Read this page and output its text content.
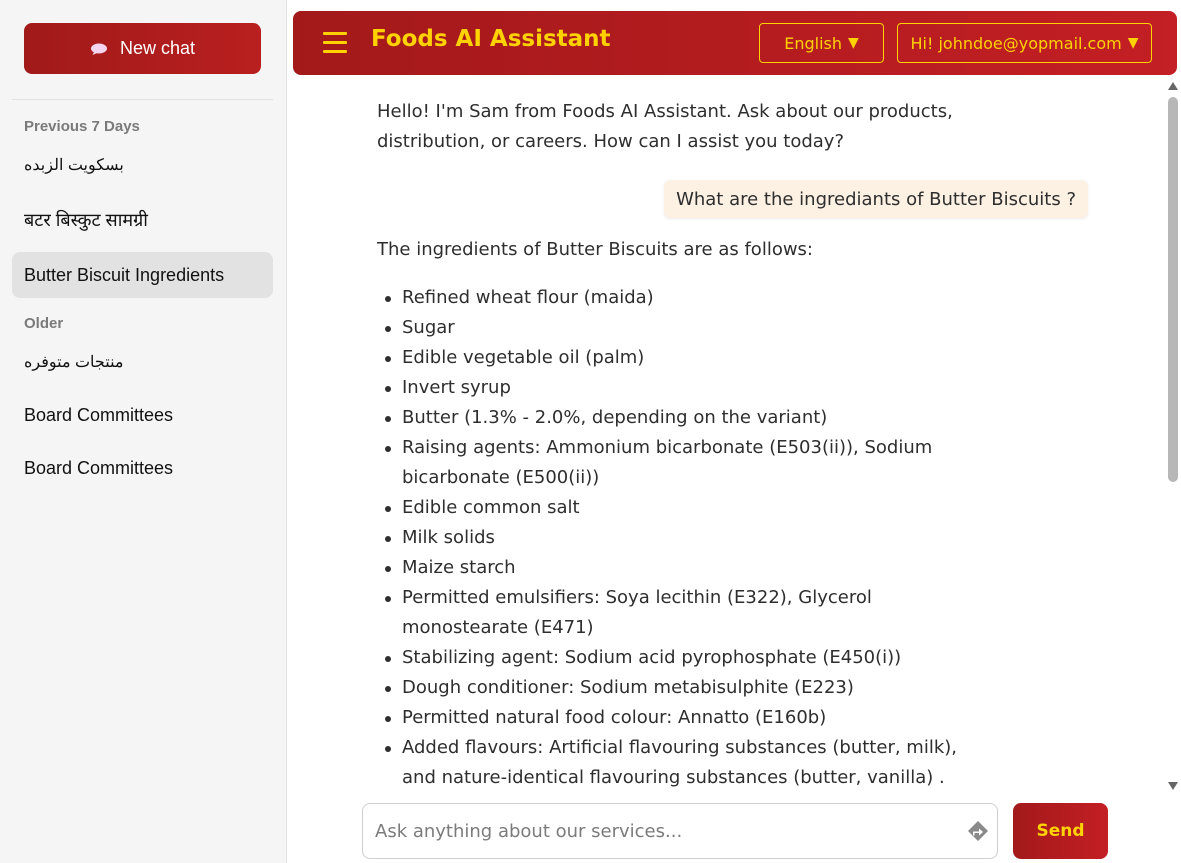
New chat
Previous 7 Days
بسكويت الزبده
बटर बिस्कुट सामग्री
Butter Biscuit Ingredients
Older
منتجات متوفره
Board Committees
Board Committees
Foods AI Assistant	English ▼	Hi! johndoe@yopmail.com ▼
Hello! I'm Sam from Foods AI Assistant. Ask about our products, distribution, or careers. How can I assist you today?
What are the ingrediants of Butter Biscuits ?
The ingredients of Butter Biscuits are as follows:
Refined wheat flour (maida)
Sugar
Edible vegetable oil (palm)
Invert syrup
Butter (1.3% - 2.0%, depending on the variant)
Raising agents: Ammonium bicarbonate (E503(ii)), Sodium bicarbonate (E500(ii))
Edible common salt
Milk solids
Maize starch
Permitted emulsifiers: Soya lecithin (E322), Glycerol monostearate (E471)
Stabilizing agent: Sodium acid pyrophosphate (E450(i))
Dough conditioner: Sodium metabisulphite (E223)
Permitted natural food colour: Annatto (E160b)
Added flavours: Artificial flavouring substances (butter, milk), and nature-identical flavouring substances (butter, vanilla) .
Ask anything about our services...
Send
